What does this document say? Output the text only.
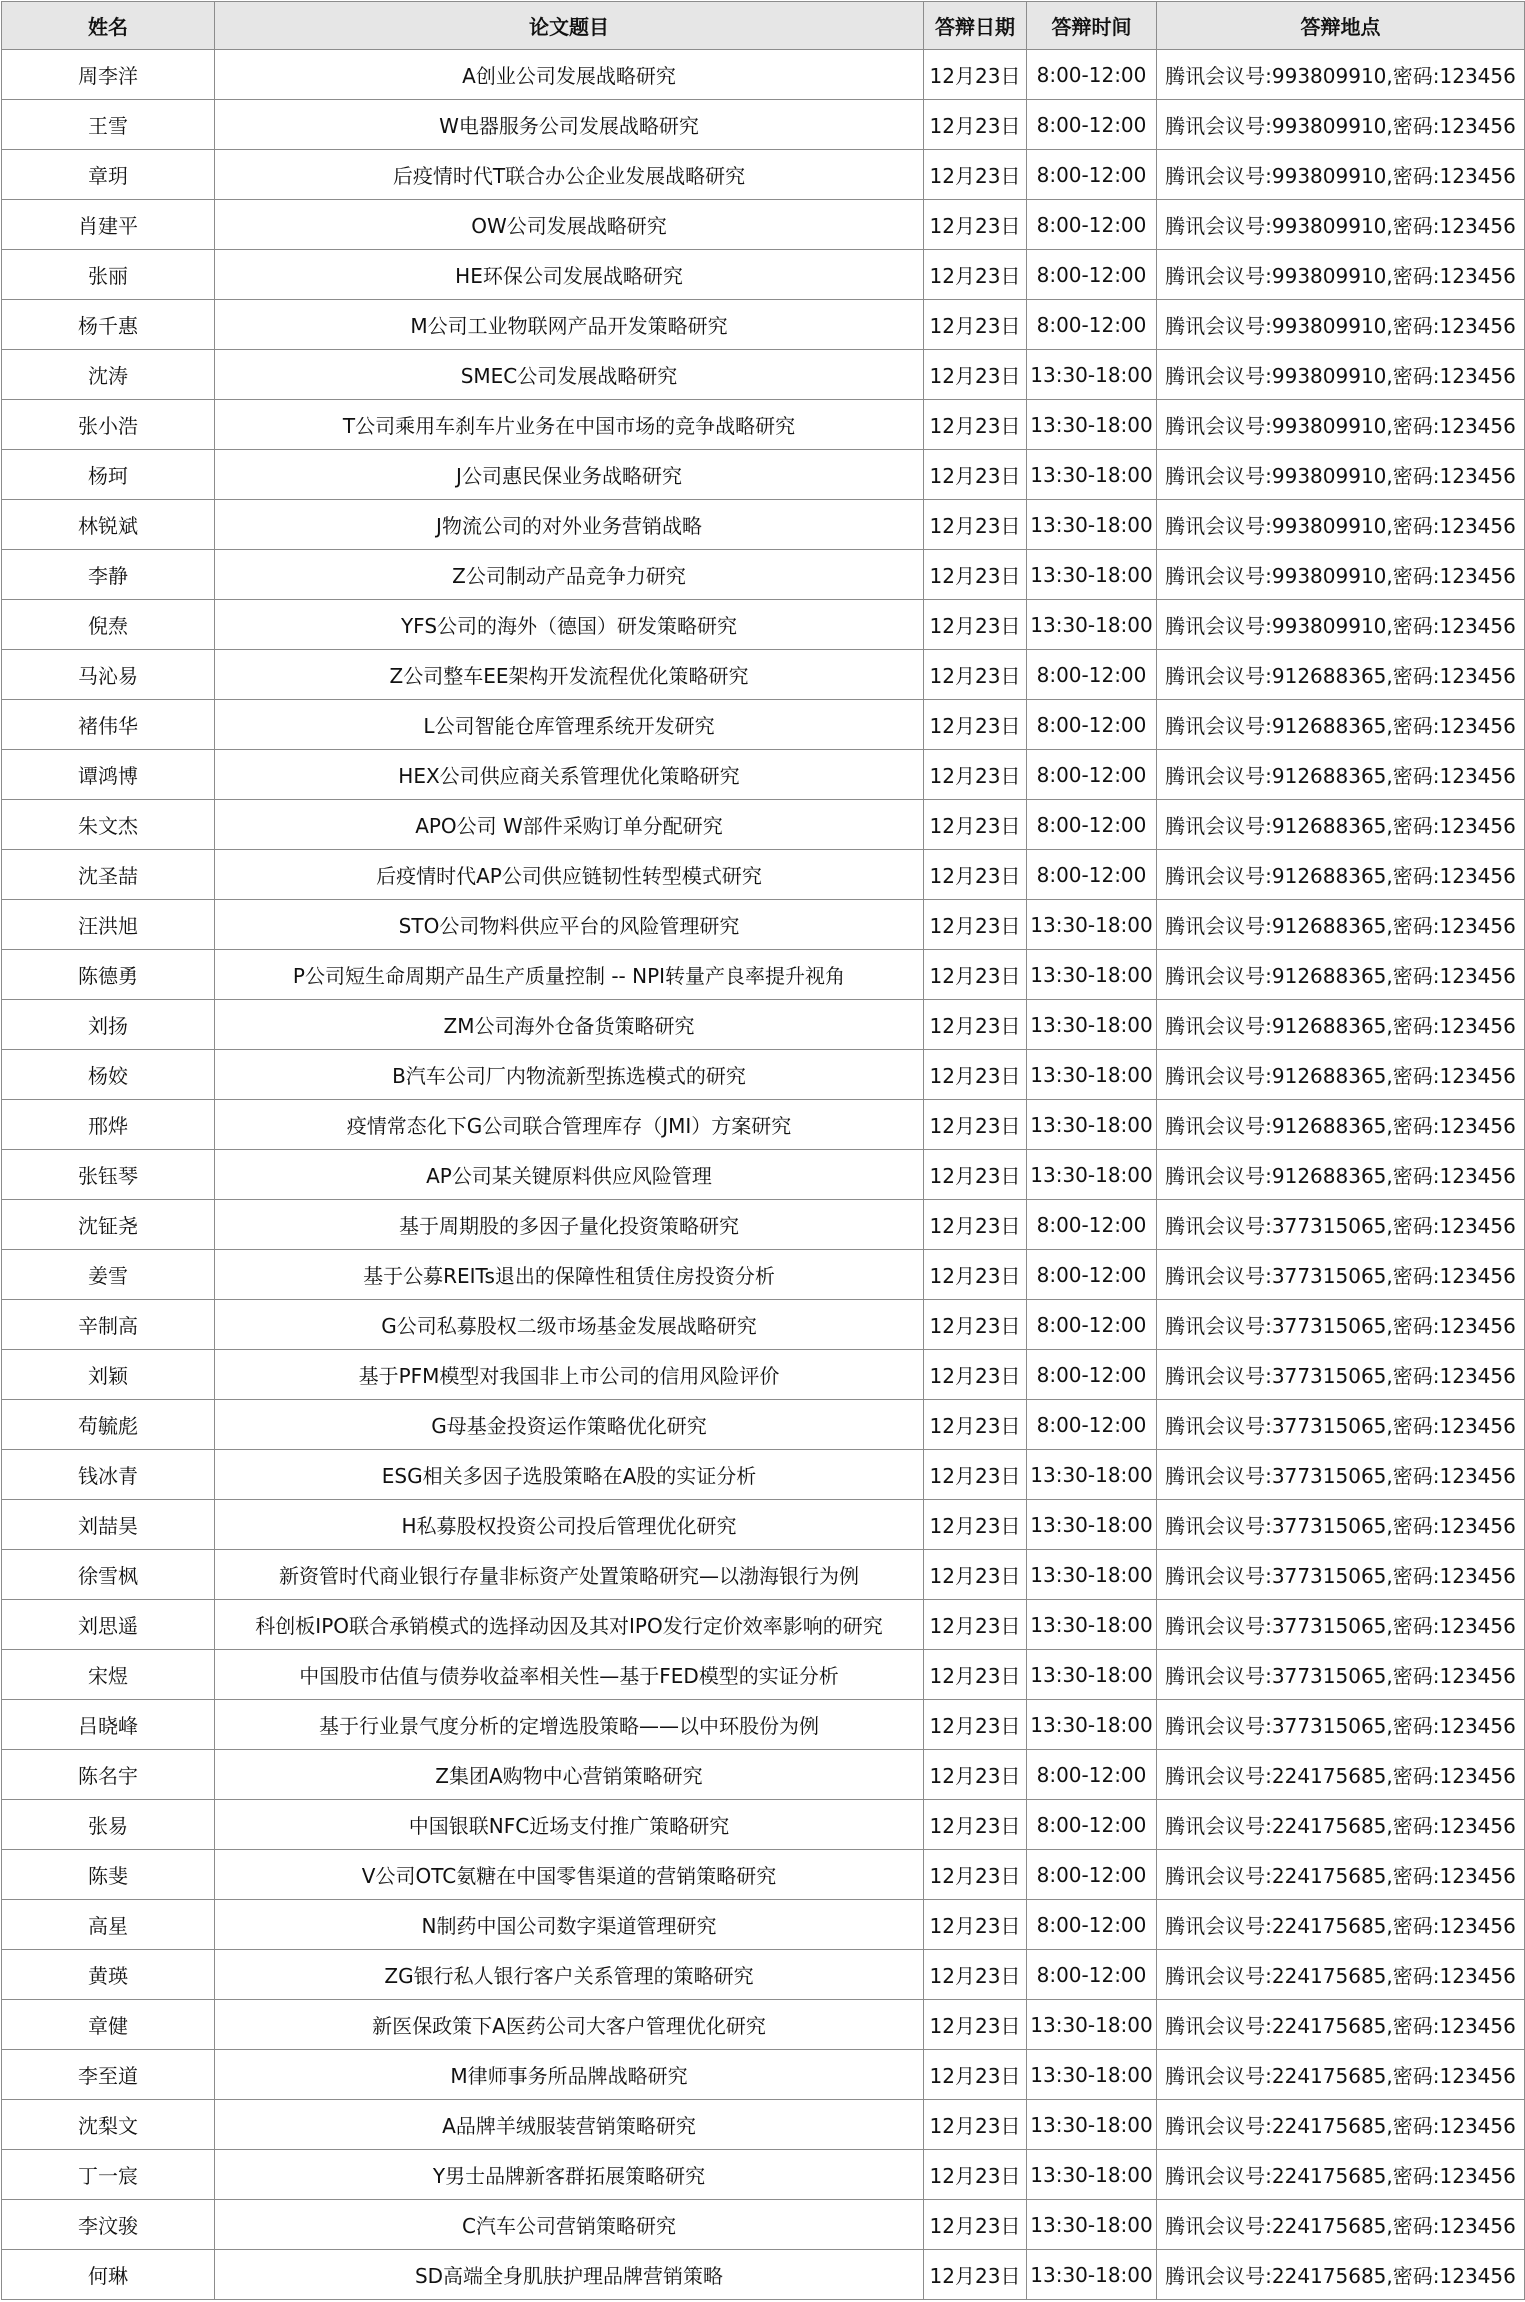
姓名	论文题目	答辩日期	答辩时间	答辩地点
周李洋	A创业公司发展战略研究	12月23日	8:00-12:00	腾讯会议号:993809910,密码:123456
王雪	W电器服务公司发展战略研究	12月23日	8:00-12:00	腾讯会议号:993809910,密码:123456
章玥	后疫情时代T联合办公企业发展战略研究	12月23日	8:00-12:00	腾讯会议号:993809910,密码:123456
肖建平	OW公司发展战略研究	12月23日	8:00-12:00	腾讯会议号:993809910,密码:123456
张丽	HE环保公司发展战略研究	12月23日	8:00-12:00	腾讯会议号:993809910,密码:123456
杨千惠	M公司工业物联网产品开发策略研究	12月23日	8:00-12:00	腾讯会议号:993809910,密码:123456
沈涛	SMEC公司发展战略研究	12月23日	13:30-18:00	腾讯会议号:993809910,密码:123456
张小浩	T公司乘用车刹车片业务在中国市场的竞争战略研究	12月23日	13:30-18:00	腾讯会议号:993809910,密码:123456
杨珂	J公司惠民保业务战略研究	12月23日	13:30-18:00	腾讯会议号:993809910,密码:123456
林锐斌	J物流公司的对外业务营销战略	12月23日	13:30-18:00	腾讯会议号:993809910,密码:123456
李静	Z公司制动产品竞争力研究	12月23日	13:30-18:00	腾讯会议号:993809910,密码:123456
倪焘	YFS公司的海外（德国）研发策略研究	12月23日	13:30-18:00	腾讯会议号:993809910,密码:123456
马沁易	Z公司整车EE架构开发流程优化策略研究	12月23日	8:00-12:00	腾讯会议号:912688365,密码:123456
褚伟华	L公司智能仓库管理系统开发研究	12月23日	8:00-12:00	腾讯会议号:912688365,密码:123456
谭鸿博	HEX公司供应商关系管理优化策略研究	12月23日	8:00-12:00	腾讯会议号:912688365,密码:123456
朱文杰	APO公司 W部件采购订单分配研究	12月23日	8:00-12:00	腾讯会议号:912688365,密码:123456
沈圣喆	后疫情时代AP公司供应链韧性转型模式研究	12月23日	8:00-12:00	腾讯会议号:912688365,密码:123456
汪洪旭	STO公司物料供应平台的风险管理研究	12月23日	13:30-18:00	腾讯会议号:912688365,密码:123456
陈德勇	P公司短生命周期产品生产质量控制 -- NPI转量产良率提升视角	12月23日	13:30-18:00	腾讯会议号:912688365,密码:123456
刘扬	ZM公司海外仓备货策略研究	12月23日	13:30-18:00	腾讯会议号:912688365,密码:123456
杨姣	B汽车公司厂内物流新型拣选模式的研究	12月23日	13:30-18:00	腾讯会议号:912688365,密码:123456
邢烨	疫情常态化下G公司联合管理库存（JMI）方案研究	12月23日	13:30-18:00	腾讯会议号:912688365,密码:123456
张钰琴	AP公司某关键原料供应风险管理	12月23日	13:30-18:00	腾讯会议号:912688365,密码:123456
沈钲尧	基于周期股的多因子量化投资策略研究	12月23日	8:00-12:00	腾讯会议号:377315065,密码:123456
姜雪	基于公募REITs退出的保障性租赁住房投资分析	12月23日	8:00-12:00	腾讯会议号:377315065,密码:123456
辛制高	G公司私募股权二级市场基金发展战略研究	12月23日	8:00-12:00	腾讯会议号:377315065,密码:123456
刘颖	基于PFM模型对我国非上市公司的信用风险评价	12月23日	8:00-12:00	腾讯会议号:377315065,密码:123456
苟毓彪	G母基金投资运作策略优化研究	12月23日	8:00-12:00	腾讯会议号:377315065,密码:123456
钱冰青	ESG相关多因子选股策略在A股的实证分析	12月23日	13:30-18:00	腾讯会议号:377315065,密码:123456
刘喆昊	H私募股权投资公司投后管理优化研究	12月23日	13:30-18:00	腾讯会议号:377315065,密码:123456
徐雪枫	新资管时代商业银行存量非标资产处置策略研究—以渤海银行为例	12月23日	13:30-18:00	腾讯会议号:377315065,密码:123456
刘思遥	科创板IPO联合承销模式的选择动因及其对IPO发行定价效率影响的研究	12月23日	13:30-18:00	腾讯会议号:377315065,密码:123456
宋煜	中国股市估值与债券收益率相关性—基于FED模型的实证分析	12月23日	13:30-18:00	腾讯会议号:377315065,密码:123456
吕晓峰	基于行业景气度分析的定增选股策略——以中环股份为例	12月23日	13:30-18:00	腾讯会议号:377315065,密码:123456
陈名宇	Z集团A购物中心营销策略研究	12月23日	8:00-12:00	腾讯会议号:224175685,密码:123456
张易	中国银联NFC近场支付推广策略研究	12月23日	8:00-12:00	腾讯会议号:224175685,密码:123456
陈斐	V公司OTC氨糖在中国零售渠道的营销策略研究	12月23日	8:00-12:00	腾讯会议号:224175685,密码:123456
高星	N制药中国公司数字渠道管理研究	12月23日	8:00-12:00	腾讯会议号:224175685,密码:123456
黄瑛	ZG银行私人银行客户关系管理的策略研究	12月23日	8:00-12:00	腾讯会议号:224175685,密码:123456
章健	新医保政策下A医药公司大客户管理优化研究	12月23日	13:30-18:00	腾讯会议号:224175685,密码:123456
李至道	M律师事务所品牌战略研究	12月23日	13:30-18:00	腾讯会议号:224175685,密码:123456
沈梨文	A品牌羊绒服装营销策略研究	12月23日	13:30-18:00	腾讯会议号:224175685,密码:123456
丁一宸	Y男士品牌新客群拓展策略研究	12月23日	13:30-18:00	腾讯会议号:224175685,密码:123456
李汶骏	C汽车公司营销策略研究	12月23日	13:30-18:00	腾讯会议号:224175685,密码:123456
何琳	SD高端全身肌肤护理品牌营销策略	12月23日	13:30-18:00	腾讯会议号:224175685,密码:123456
